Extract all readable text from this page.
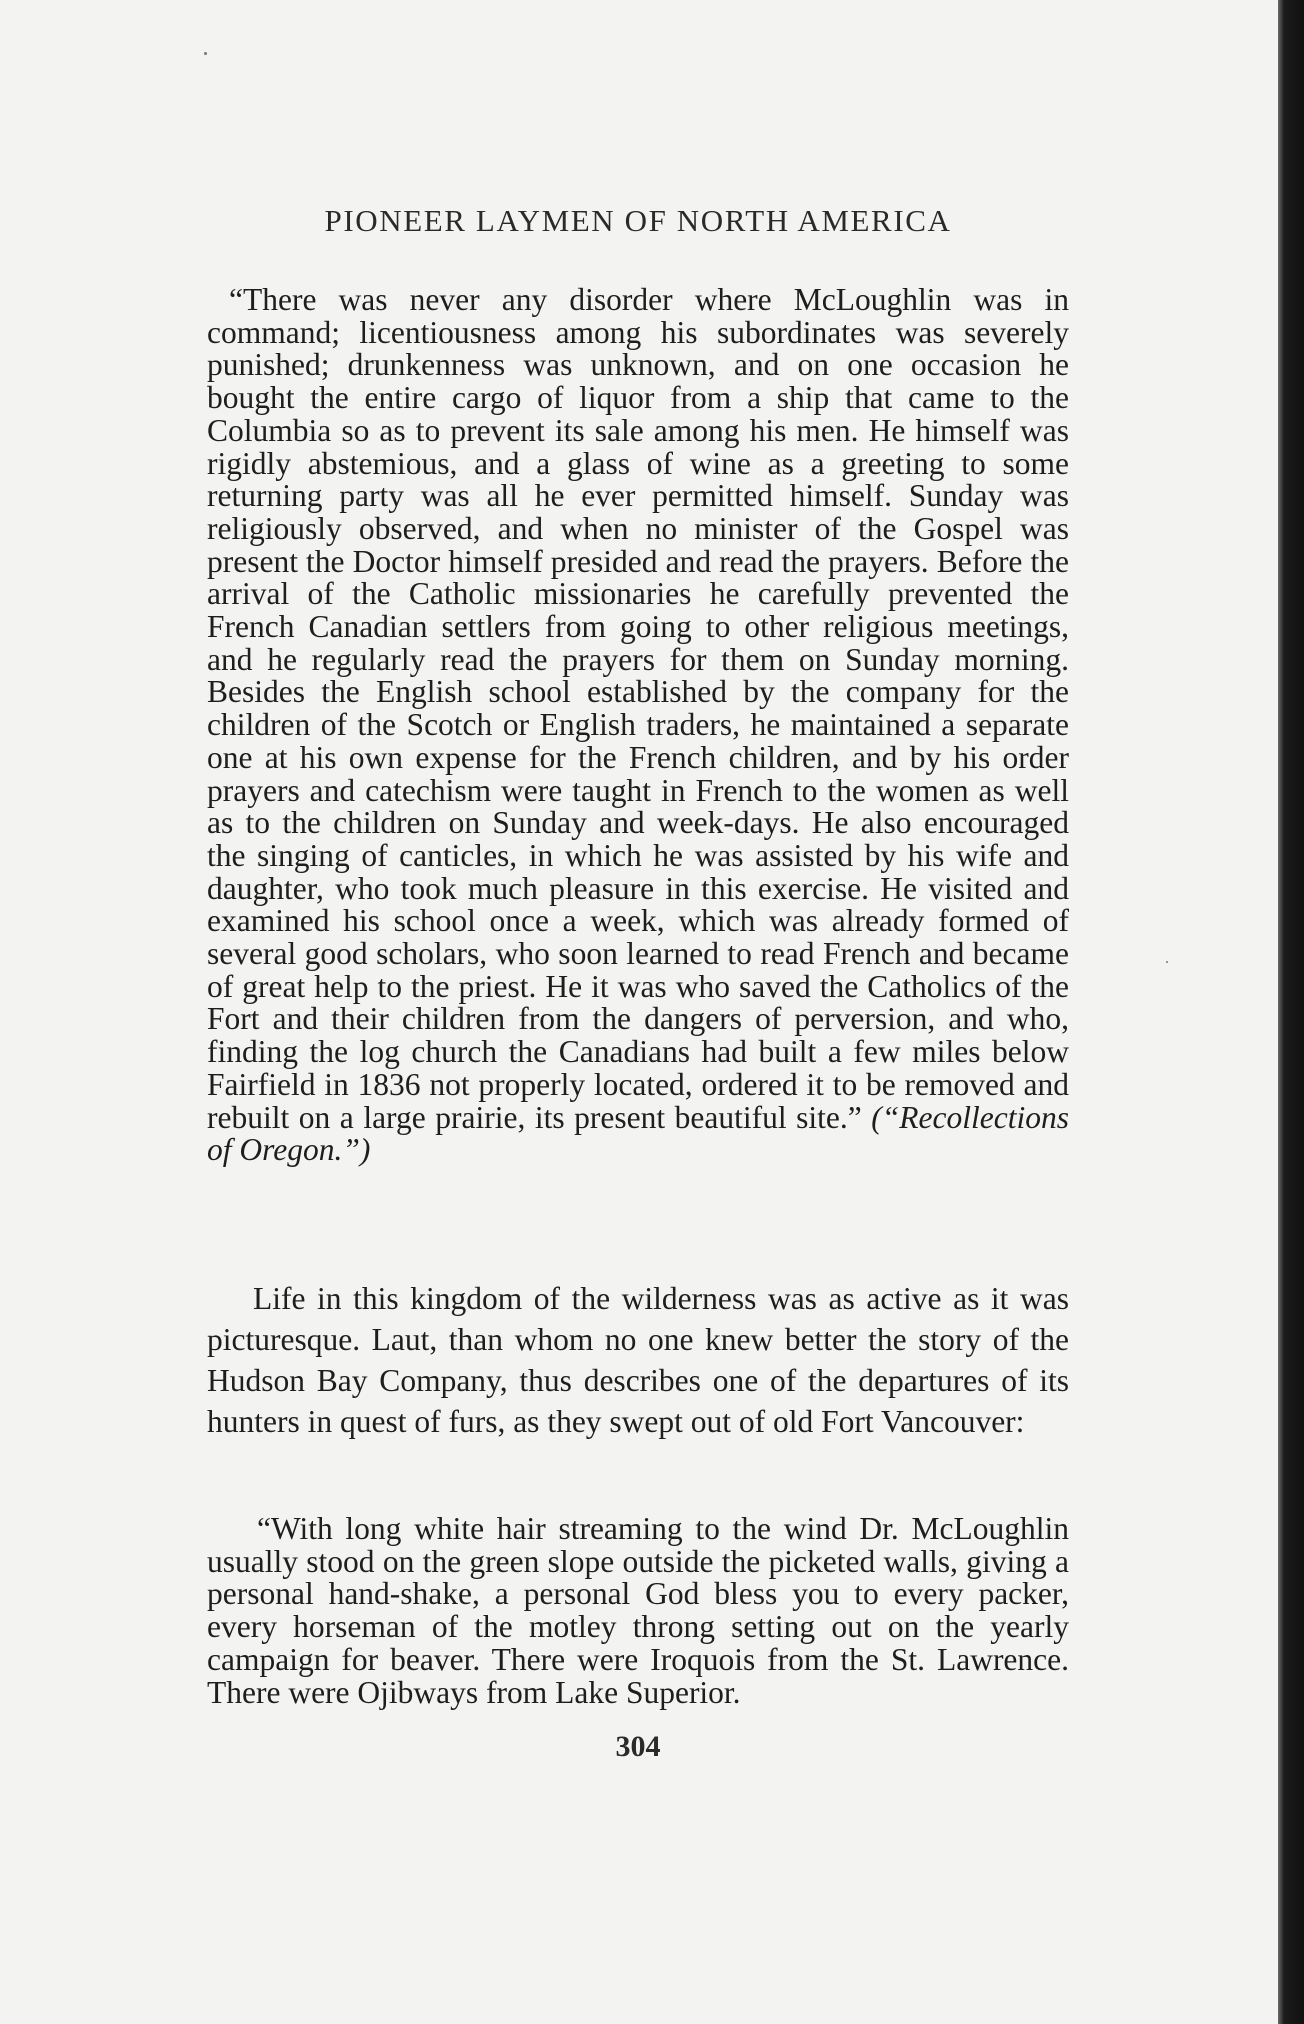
PIONEER LAYMEN OF NORTH AMERICA

“There was never any disorder where McLoughlin was in command; licentiousness among his subordinates was severely punished; drunkenness was unknown, and on one occasion he bought the entire cargo of liquor from a ship that came to the Columbia so as to prevent its sale among his men. He himself was rigidly abstemious, and a glass of wine as a greeting to some returning party was all he ever permitted himself. Sunday was religiously observed, and when no minister of the Gospel was present the Doctor himself presided and read the prayers. Before the arrival of the Catholic missionaries he carefully prevented the French Canadian settlers from going to other religious meetings, and he regularly read the prayers for them on Sunday morning. Besides the English school established by the company for the children of the Scotch or English traders, he maintained a separate one at his own expense for the French children, and by his order prayers and catechism were taught in French to the women as well as to the children on Sunday and week-days. He also encouraged the singing of canticles, in which he was assisted by his wife and daughter, who took much pleasure in this exercise. He visited and examined his school once a week, which was already formed of several good scholars, who soon learned to read French and became of great help to the priest. He it was who saved the Catholics of the Fort and their children from the dangers of perversion, and who, finding the log church the Canadians had built a few miles below Fairfield in 1836 not properly located, ordered it to be removed and rebuilt on a large prairie, its present beautiful site.” (“Recollections of Oregon.”)

Life in this kingdom of the wilderness was as active as it was picturesque. Laut, than whom no one knew better the story of the Hudson Bay Company, thus describes one of the departures of its hunters in quest of furs, as they swept out of old Fort Vancouver:

“With long white hair streaming to the wind Dr. McLoughlin usually stood on the green slope outside the picketed walls, giving a personal hand-shake, a personal God bless you to every packer, every horseman of the motley throng setting out on the yearly campaign for beaver. There were Iroquois from the St. Lawrence. There were Ojibways from Lake Superior.

304
